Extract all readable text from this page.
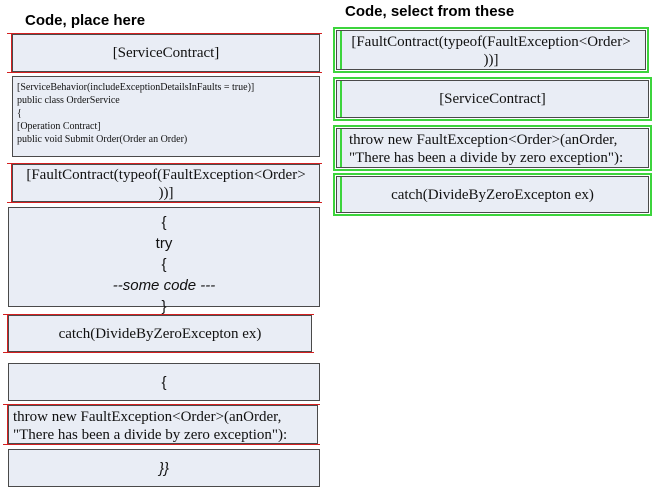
Code, place here
Code, select from these
[ServiceContract]
[ServiceBehavior(includeExceptionDetailsInFaults = true)]
public class OrderService
{
[Operation Contract]
public void Submit Order(Order an Order)
[FaultContract(typeof(FaultException<Order>
))]
{
try
{
--some code ---
}
catch(DivideByZeroExcepton ex)
{
throw new FaultException<Order>(anOrder,
"There has been a divide by zero exception"):
}}
[FaultContract(typeof(FaultException<Order>
))]
[ServiceContract]
throw new FaultException<Order>(anOrder,
"There has been a divide by zero exception"):
catch(DivideByZeroExcepton ex)
